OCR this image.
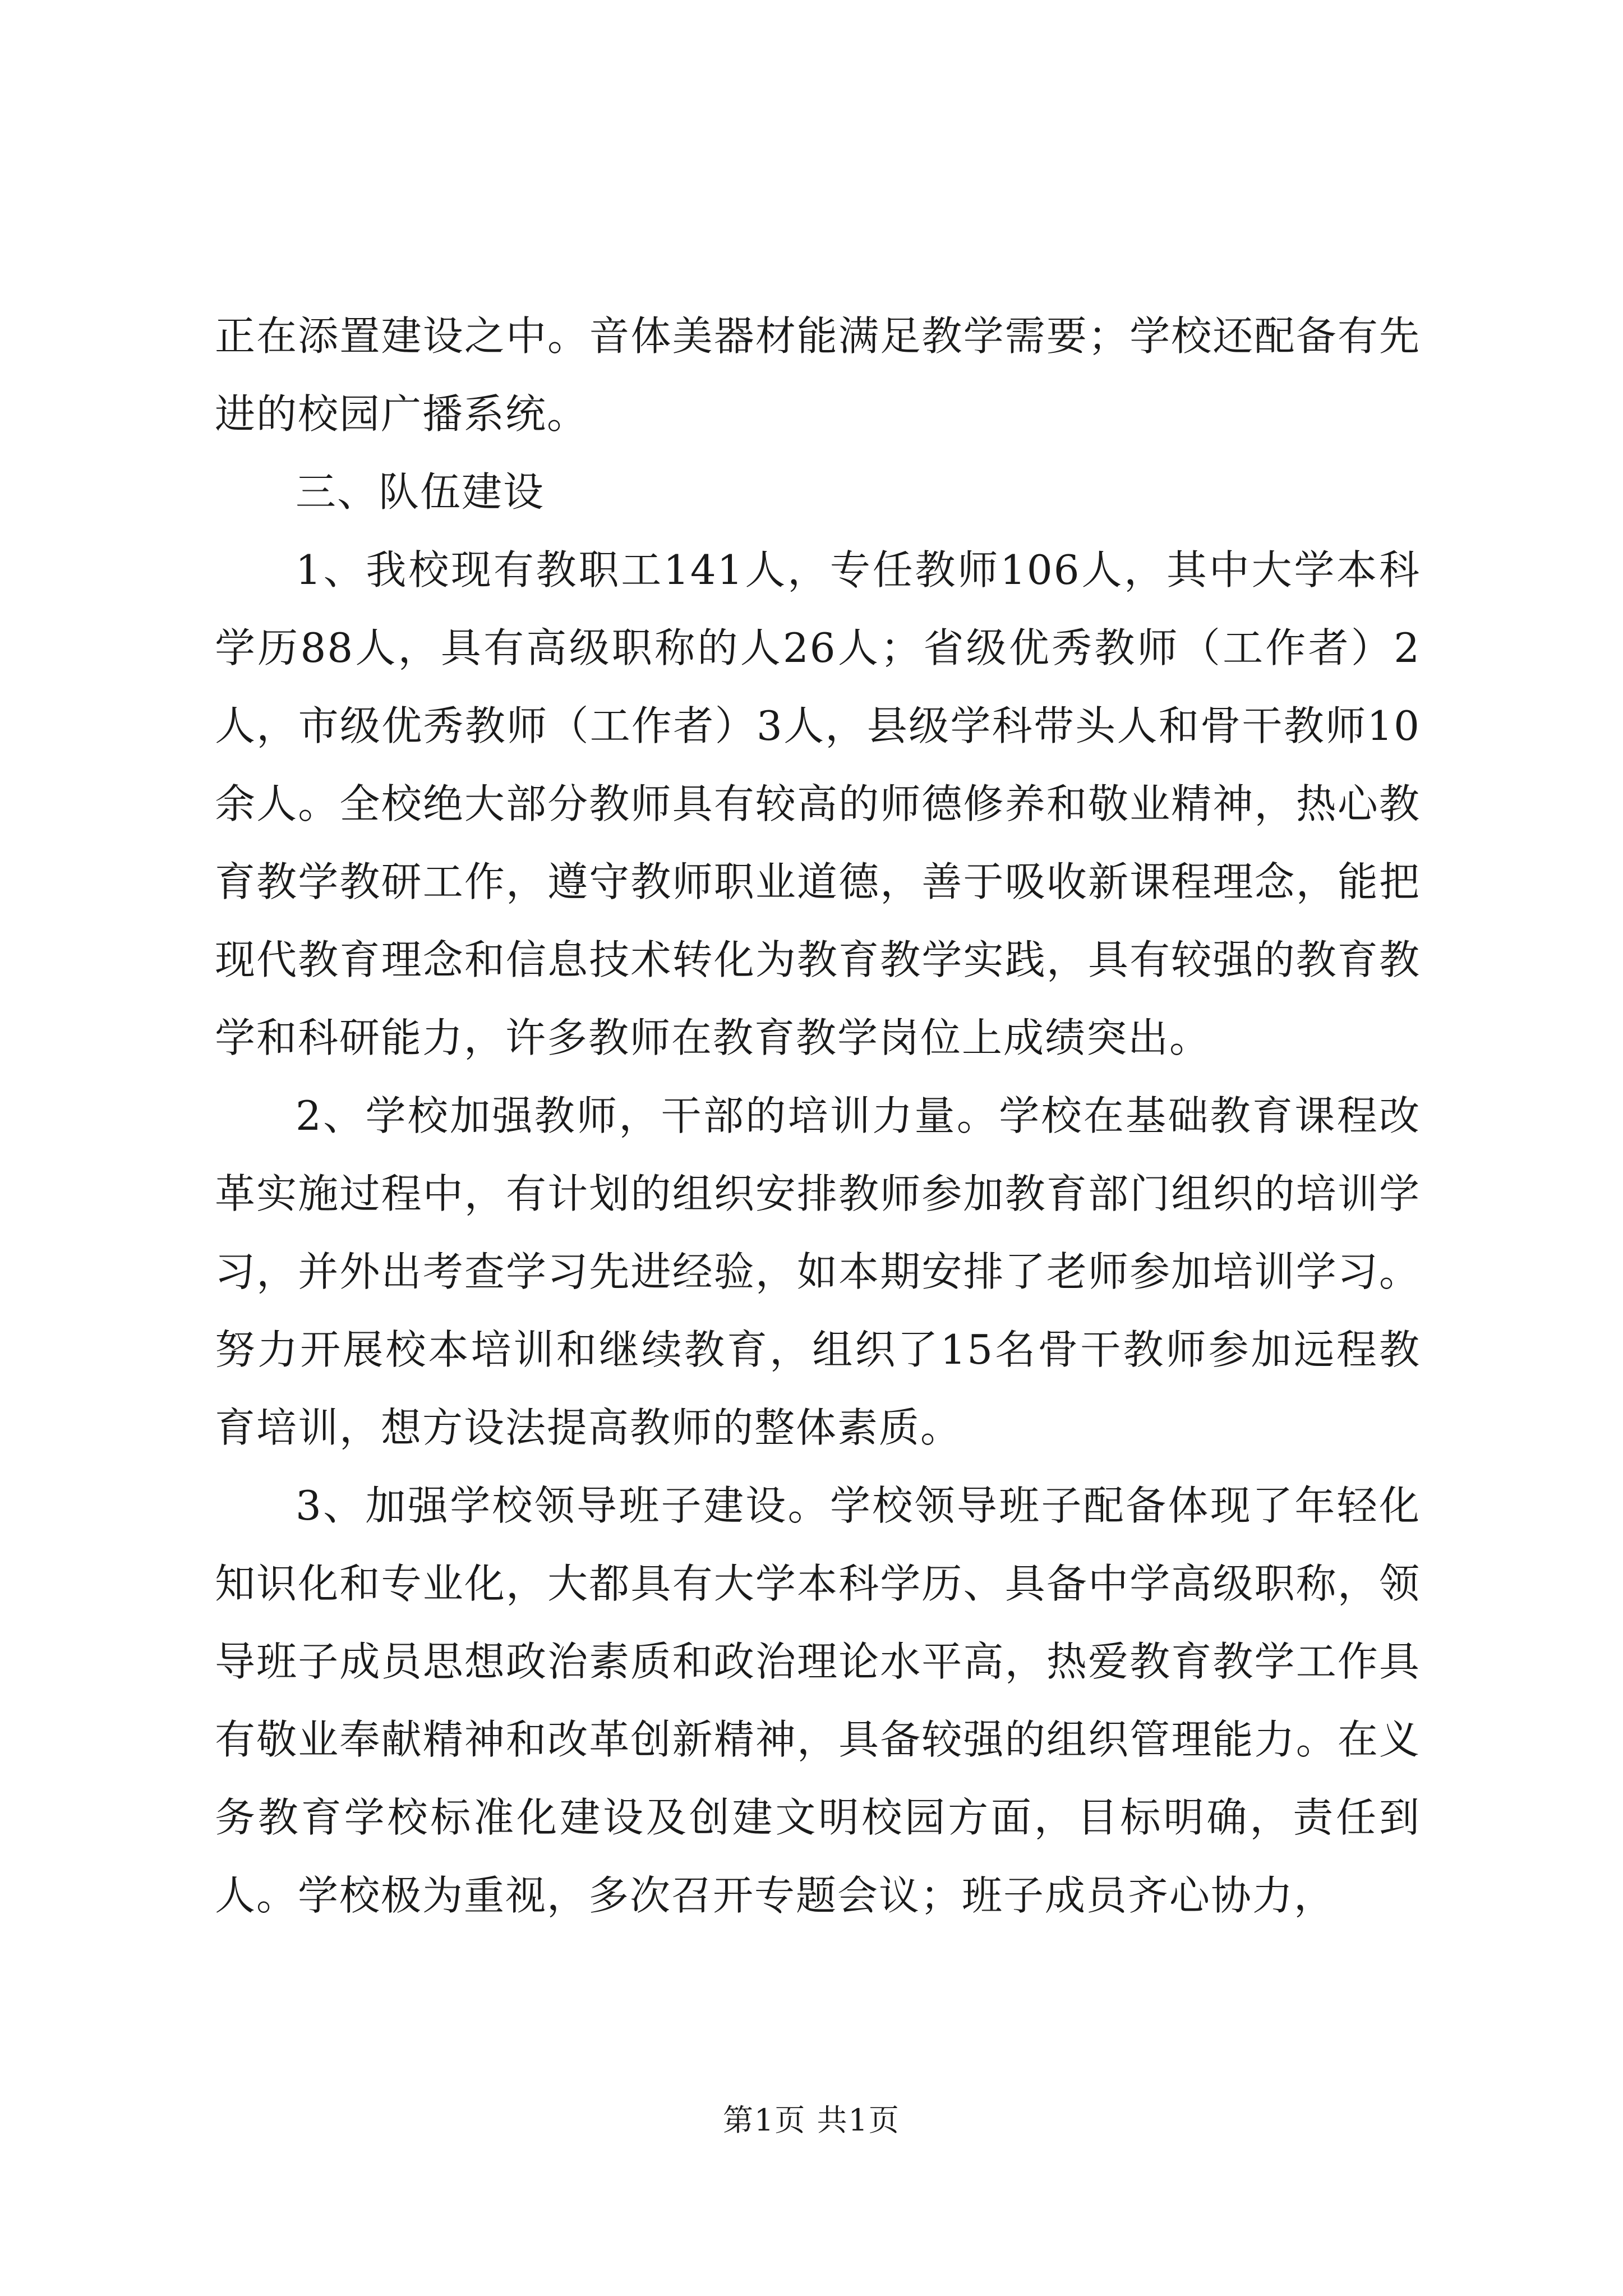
正在添置建设之中。音体美器材能满足教学需要；学校还配备有先进的校园广播系统。

三、队伍建设

1、我校现有教职工141人，专任教师106人，其中大学本科学历88人，具有高级职称的人26人；省级优秀教师（工作者）2人，市级优秀教师（工作者）3人，县级学科带头人和骨干教师10余人。全校绝大部分教师具有较高的师德修养和敬业精神，热心教育教学教研工作，遵守教师职业道德，善于吸收新课程理念，能把现代教育理念和信息技术转化为教育教学实践，具有较强的教育教学和科研能力，许多教师在教育教学岗位上成绩突出。

2、学校加强教师，干部的培训力量。学校在基础教育课程改革实施过程中，有计划的组织安排教师参加教育部门组织的培训学习，并外出考查学习先进经验，如本期安排了老师参加培训学习。努力开展校本培训和继续教育，组织了15名骨干教师参加远程教育培训，想方设法提高教师的整体素质。

3、加强学校领导班子建设。学校领导班子配备体现了年轻化知识化和专业化，大都具有大学本科学历、具备中学高级职称，领导班子成员思想政治素质和政治理论水平高，热爱教育教学工作具有敬业奉献精神和改革创新精神，具备较强的组织管理能力。在义务教育学校标准化建设及创建文明校园方面，目标明确，责任到人。学校极为重视，多次召开专题会议；班子成员齐心协力，

第1页 共1页
